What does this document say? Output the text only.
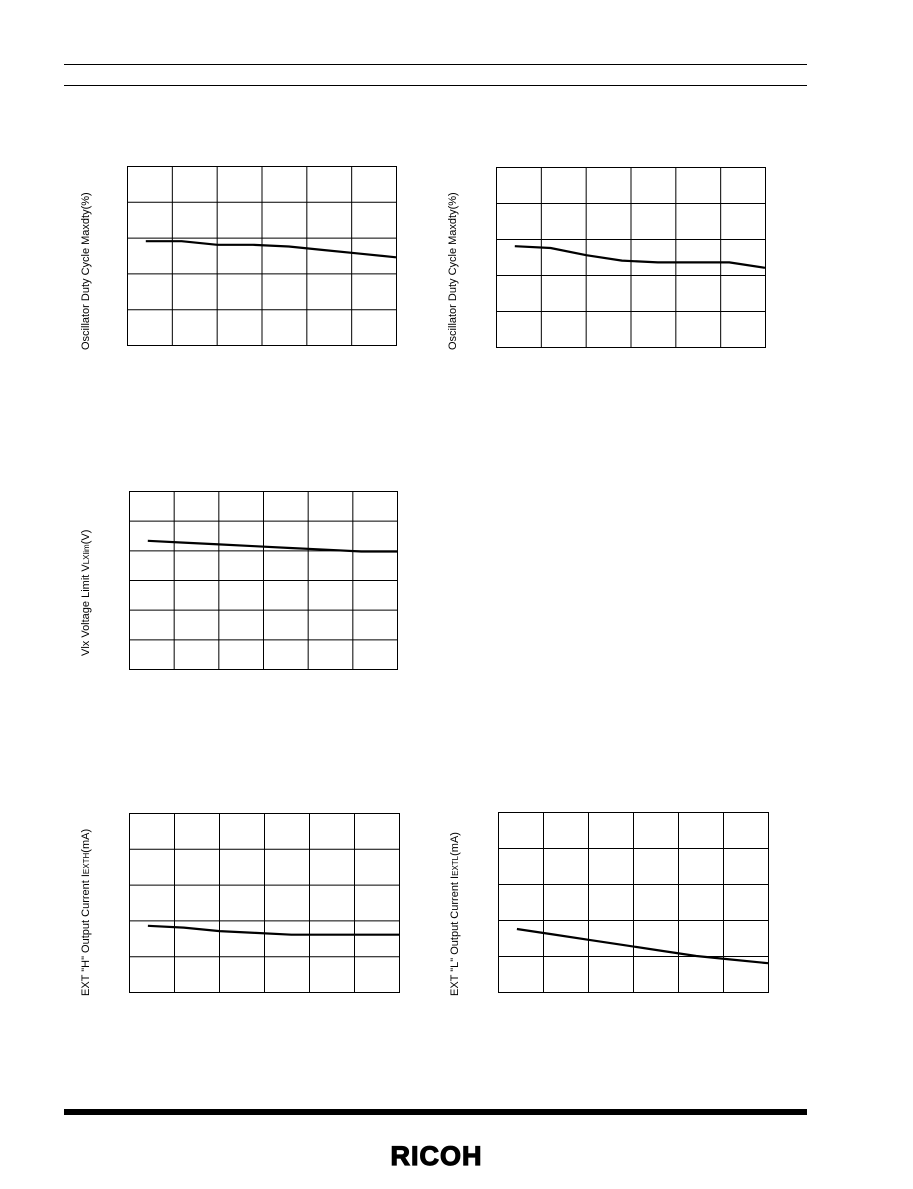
Oscillator Duty Cycle Maxdty(%)	Oscillator Duty Cycle Maxdty(%)
Vlx Voltage Limit VLXlim(V)
EXT "H" Output Current IEXTH(mA)
EXT "L" Output Current IEXTL(mA)
RICOH
